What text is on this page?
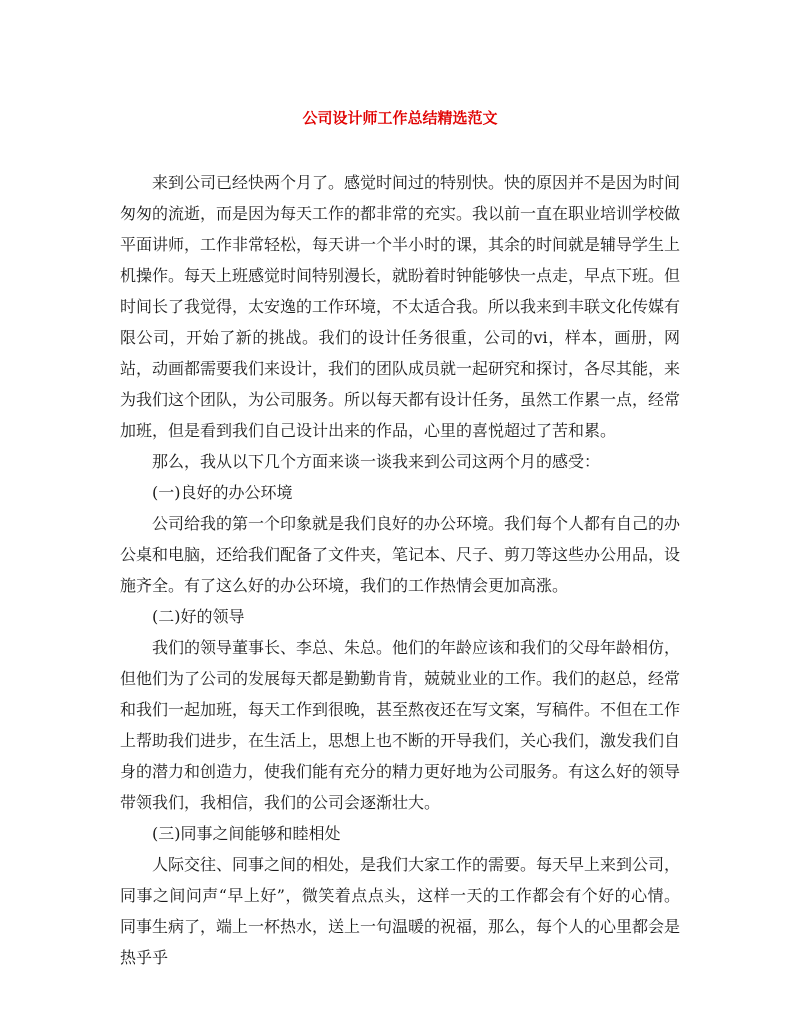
公司设计师工作总结精选范文

来到公司已经快两个月了。感觉时间过的特别快。快的原因并不是因为时间匆匆的流逝，而是因为每天工作的都非常的充实。我以前一直在职业培训学校做平面讲师，工作非常轻松，每天讲一个半小时的课，其余的时间就是辅导学生上机操作。每天上班感觉时间特别漫长，就盼着时钟能够快一点走，早点下班。但时间长了我觉得，太安逸的工作环境，不太适合我。所以我来到丰联文化传媒有限公司，开始了新的挑战。我们的设计任务很重，公司的vi，样本，画册，网站，动画都需要我们来设计，我们的团队成员就一起研究和探讨，各尽其能，来为我们这个团队，为公司服务。所以每天都有设计任务，虽然工作累一点，经常加班，但是看到我们自己设计出来的作品，心里的喜悦超过了苦和累。

那么，我从以下几个方面来谈一谈我来到公司这两个月的感受：

(一)良好的办公环境

公司给我的第一个印象就是我们良好的办公环境。我们每个人都有自己的办公桌和电脑，还给我们配备了文件夹，笔记本、尺子、剪刀等这些办公用品，设施齐全。有了这么好的办公环境，我们的工作热情会更加高涨。

(二)好的领导

我们的领导董事长、李总、朱总。他们的年龄应该和我们的父母年龄相仿，但他们为了公司的发展每天都是勤勤肯肯，兢兢业业的工作。我们的赵总，经常和我们一起加班，每天工作到很晚，甚至熬夜还在写文案，写稿件。不但在工作上帮助我们进步，在生活上，思想上也不断的开导我们，关心我们，激发我们自身的潜力和创造力，使我们能有充分的精力更好地为公司服务。有这么好的领导带领我们，我相信，我们的公司会逐渐壮大。

(三)同事之间能够和睦相处

人际交往、同事之间的相处，是我们大家工作的需要。每天早上来到公司，同事之间问声“早上好”，微笑着点点头，这样一天的工作都会有个好的心情。同事生病了，端上一杯热水，送上一句温暖的祝福，那么，每个人的心里都会是热乎乎
